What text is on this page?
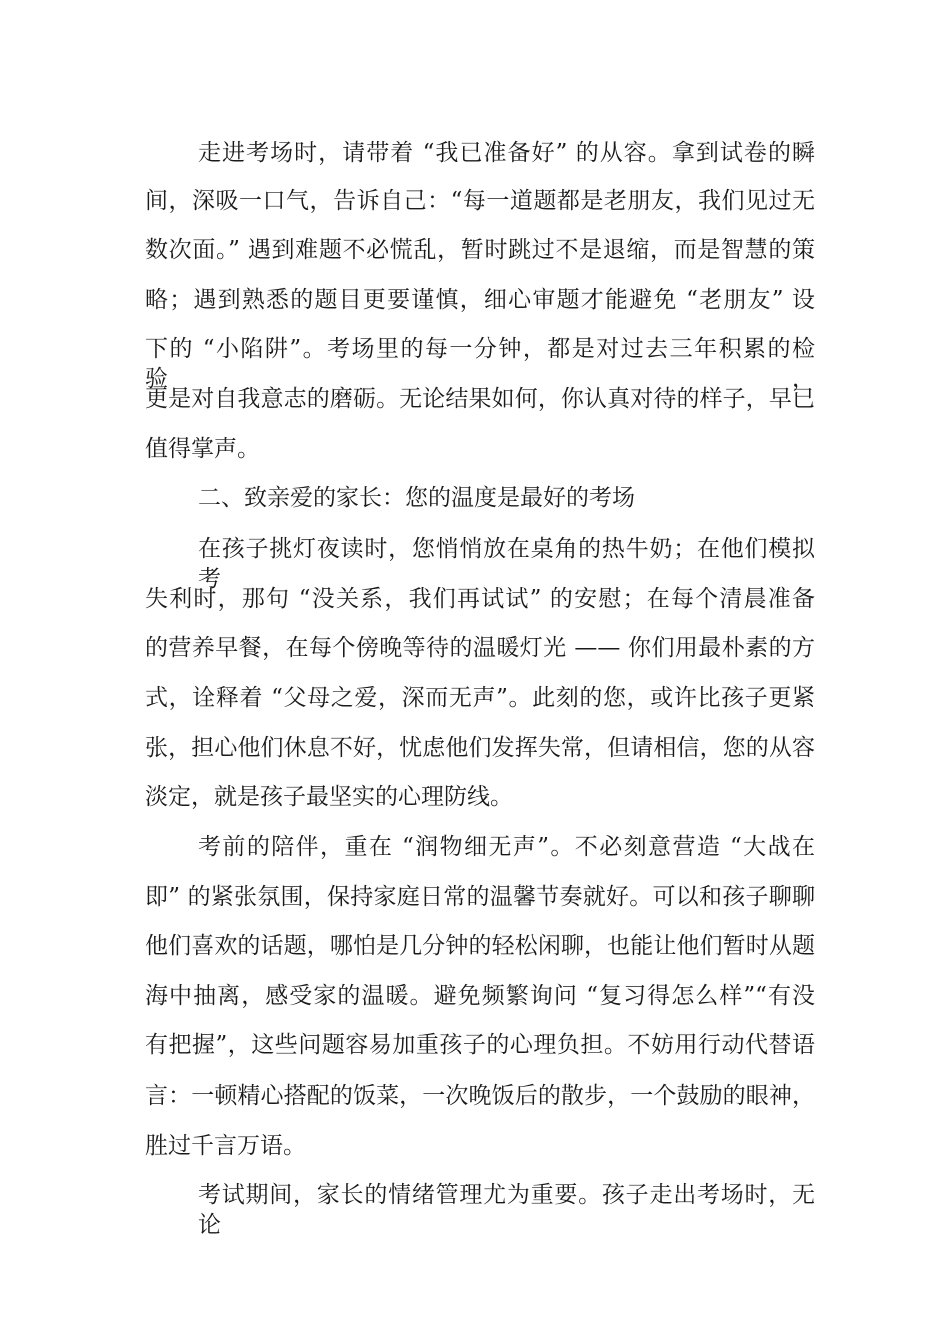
走进考场时，请带着 “我已准备好” 的从容。拿到试卷的瞬
间，深吸一口气，告诉自己：“每一道题都是老朋友，我们见过无
数次面。” 遇到难题不必慌乱，暂时跳过不是退缩，而是智慧的策
略；遇到熟悉的题目更要谨慎，细心审题才能避免 “老朋友” 设
下的 “小陷阱”。考场里的每一分钟，都是对过去三年积累的检验，
更是对自我意志的磨砺。无论结果如何，你认真对待的样子，早已
值得掌声。
二、致亲爱的家长：您的温度是最好的考场
在孩子挑灯夜读时，您悄悄放在桌角的热牛奶；在他们模拟考
失利时，那句 “没关系，我们再试试” 的安慰；在每个清晨准备
的营养早餐，在每个傍晚等待的温暖灯光 —— 你们用最朴素的方
式，诠释着 “父母之爱，深而无声”。此刻的您，或许比孩子更紧
张，担心他们休息不好，忧虑他们发挥失常，但请相信，您的从容
淡定，就是孩子最坚实的心理防线。
考前的陪伴，重在 “润物细无声”。不必刻意营造 “大战在
即” 的紧张氛围，保持家庭日常的温馨节奏就好。可以和孩子聊聊
他们喜欢的话题，哪怕是几分钟的轻松闲聊，也能让他们暂时从题
海中抽离，感受家的温暖。避免频繁询问 “复习得怎么样”“有没
有把握”，这些问题容易加重孩子的心理负担。不妨用行动代替语
言：一顿精心搭配的饭菜，一次晚饭后的散步，一个鼓励的眼神，
胜过千言万语。
考试期间，家长的情绪管理尤为重要。孩子走出考场时，无论
